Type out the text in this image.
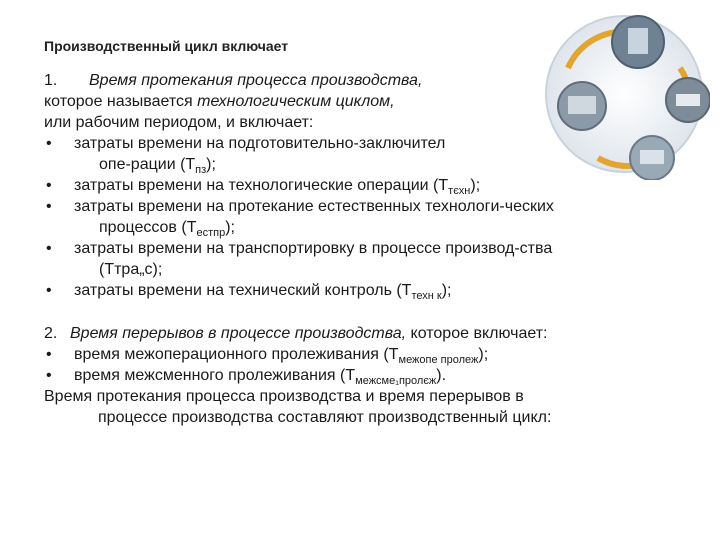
Производственный цикл включает
1. Время протекания процесса производства,
которое называется технологическим циклом,
или рабочим периодом, и включает:
• затраты времени на подготовительно-заключител
опе-рации $(Т_{пз})$;
• затраты времени на технологические операции $(Т_{тєхн})$;
• затраты времени на протекание естественных технологи-ческих
процессов $(Т_{естпр})$;
• затраты времени на транспортировку в процессе производ-ства
(Ттра„с);
• затраты времени на технический контроль $(Т_{техн к})$;
2. Время перерывов в процессе производства, которое включает:
• время межоперационного пролеживания $(Т_{межопе пролеж})$;
• время межсменного пролеживания $(Т_{межсме_1пролєж})$.
Время протекания процесса производства и время перерывов в
процессе производства составляют производственный цикл:
